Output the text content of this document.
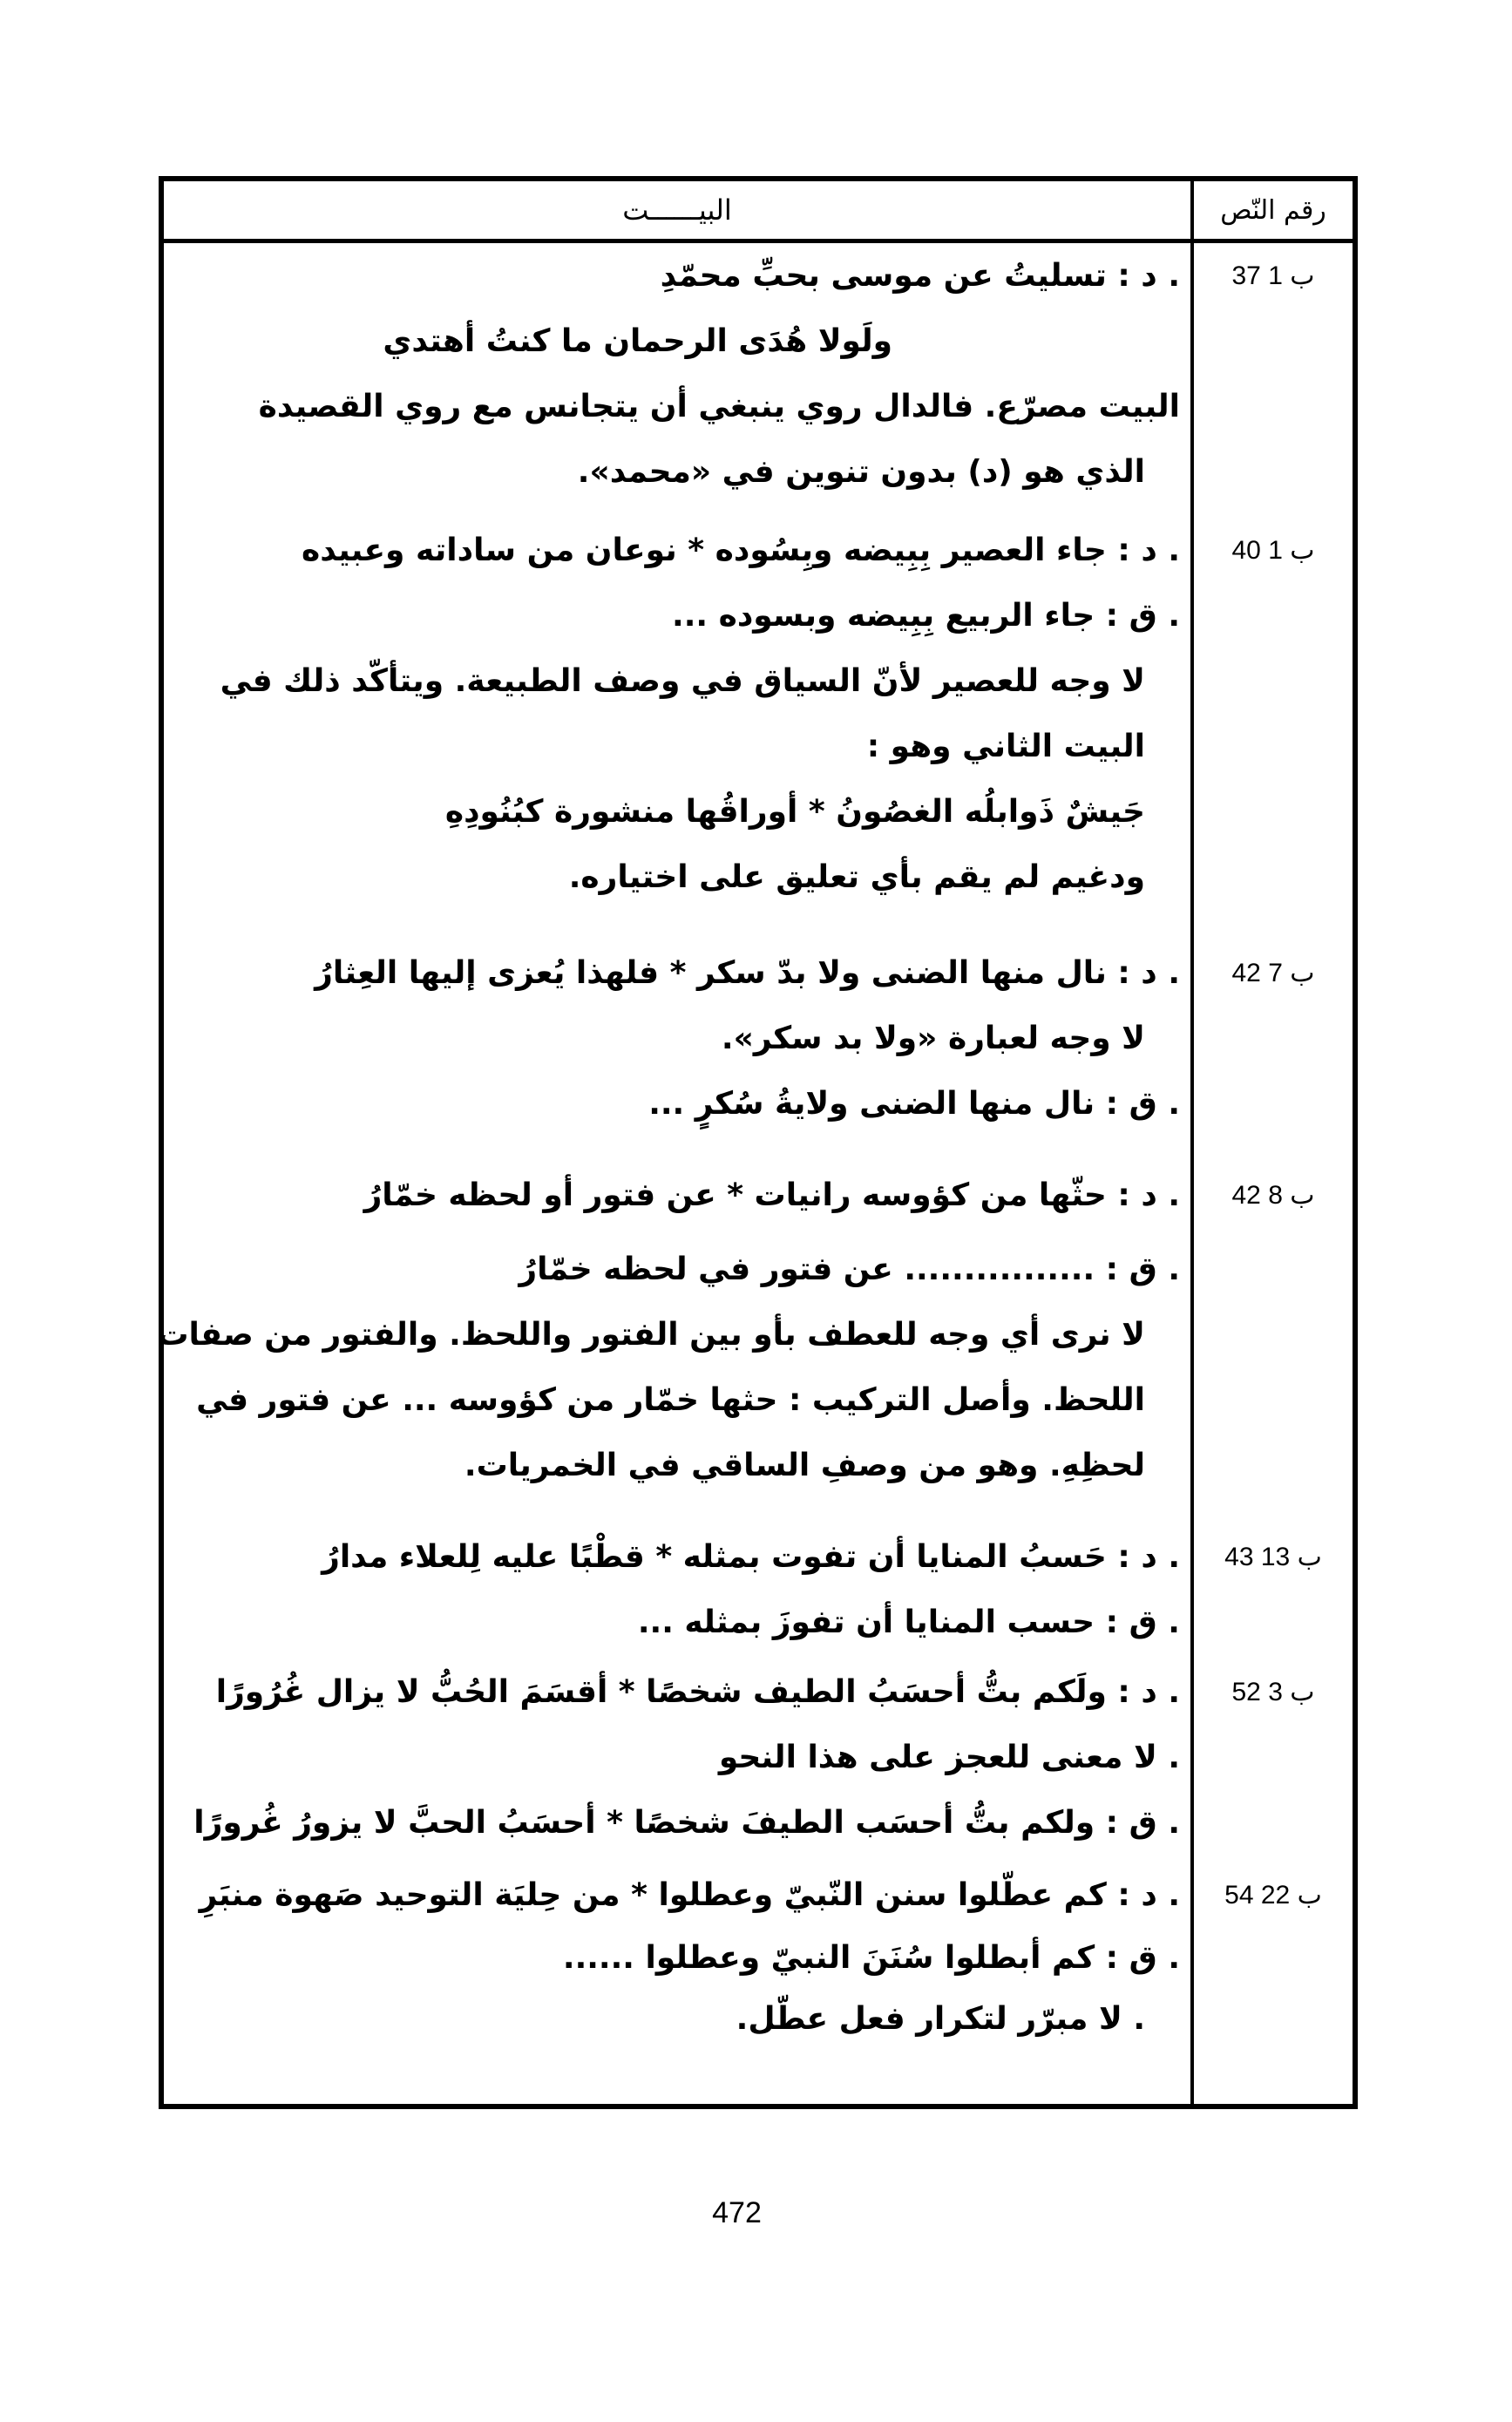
رقم النّص
البيــــــت
37 ب 1
. د : تسليتُ عن موسى بحبِّ محمّدِ
ولَولا هُدَى الرحمان ما كنتُ أهتدي
البيت مصرّع. فالدال روي ينبغي أن يتجانس مع روي القصيدة
الذي هو (د) بدون تنوين في «محمد».
40 ب 1
. د : جاء العصير بِبِيضه وبِسُوده * نوعان من ساداته وعبيده
. ق : جاء الربيع بِبِيضه وبسوده ...
لا وجه للعصير لأنّ السياق في وصف الطبيعة. ويتأكّد ذلك في
البيت الثاني وهو :
جَيشٌ ذَوابلُه الغصُونُ * أوراقُها منشورة كبُنُودِهِ
ودغيم لم يقم بأي تعليق على اختياره.
42 ب 7
. د : نال منها الضنى ولا بدّ سكر * فلهذا يُعزى إليها العِثارُ
لا وجه لعبارة «ولا بد سكر».
. ق : نال منها الضنى ولايةُ سُكرٍ ...
42 ب 8
. د : حثّها من كؤوسه رانيات * عن فتور أو لحظه خمّارُ
. ق : ................ عن فتور في لحظه خمّارُ
لا نرى أي وجه للعطف بأو بين الفتور واللحظ. والفتور من صفات
اللحظ. وأصل التركيب : حثها خمّار من كؤوسه ... عن فتور في
لحظِهِ. وهو من وصفِ الساقي في الخمريات.
43 ب 13
. د : حَسبُ المنايا أن تفوت بمثله * قطْبًا عليه لِلعلاء مدارُ
. ق : حسب المنايا أن تفوزَ بمثله ...
52 ب 3
. د : ولَكم بتُّ أحسَبُ الطيف شخصًا * أقسَمَ الحُبُّ لا يزال غُرُورًا
. لا معنى للعجز على هذا النحو
. ق : ولكم بتُّ أحسَب الطيفَ شخصًا * أحسَبُ الحبَّ لا يزورُ غُرورًا
54 ب 22
. د : كم عطّلوا سنن النّبيّ وعطلوا * من حِليَة التوحيد صَهوة منبَرِ
. ق : كم أبطلوا سُنَنَ النبيّ وعطلوا ......
. لا مبرّر لتكرار فعل عطّل.
472
